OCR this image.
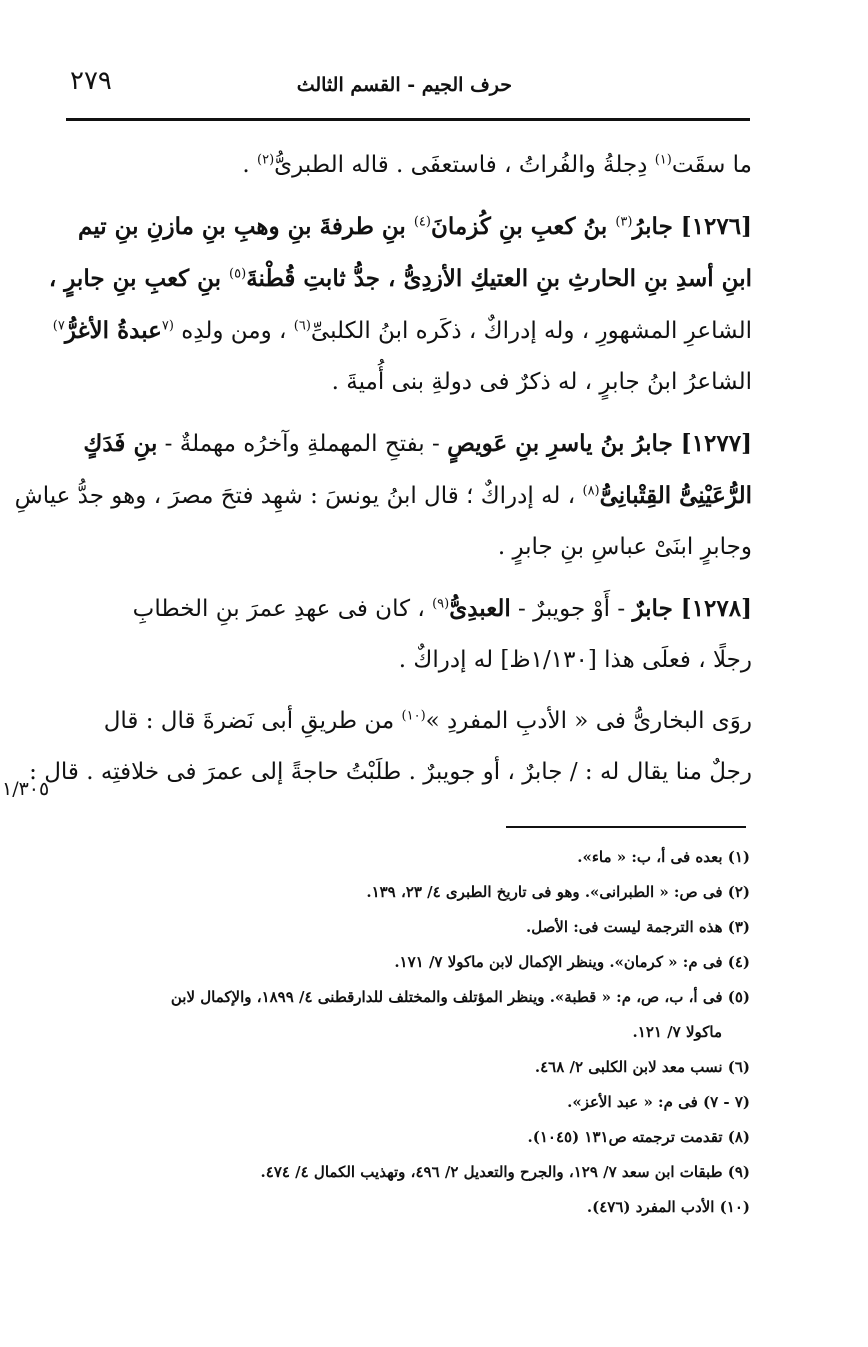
٢٧٩	حرف الجيم - القسم الثالث
ما سقَت$^{(١)}$ دِجلةُ والفُراتُ ، فاستعفَى . قاله الطبرىُّ$^{(٢)}$ .
[١٢٧٦] جابرُ$^{(٣)}$ بنُ كعبِ بنِ كُزمانَ$^{(٤)}$ بنِ طرفةَ بنِ وهبِ بنِ مازنِ بنِ تيم
ابنِ أسدِ بنِ الحارثِ بنِ العتيكِ الأزدِىُّ ، جدُّ ثابتِ قُطْنةَ$^{(٥)}$ بنِ كعبِ بنِ جابرٍ ،
الشاعرِ المشهورِ ، وله إدراكٌ ، ذكَره ابنُ الكلبىِّ$^{(٦)}$ ، ومن ولدِه $^{(٧}$عبدةُ الأغرُّ$^{٧)}$
الشاعرُ ابنُ جابرٍ ، له ذكرٌ فى دولةِ بنى أُميةَ .
[١٢٧٧] جابرُ بنُ ياسرِ بنِ عَويصٍ - بفتحِ المهملةِ وآخرُه مهملةٌ - بنِ فَدَكٍ
الرُّعَيْنِىُّ القِتْبانِىُّ$^{(٨)}$ ، له إدراكٌ ؛ قال ابنُ يونسَ : شهِد فتحَ مصرَ ، وهو جدُّ عياشِ
وجابرٍ ابنَىْ عباسِ بنِ جابرٍ .
[١٢٧٨] جابرٌ - أَوْ جويبرٌ - العبدِىُّ$^{(٩)}$ ، كان فى عهدِ عمرَ بنِ الخطابِ
رجلًا ، فعلَى هذا [١/١٣٠ظ] له إدراكٌ .
روَى البخارىُّ فى « الأدبِ المفردِ »$^{(١٠)}$ من طريقِ أبى نَضرةَ قال : قال
رجلٌ منا يقال له : / جابرٌ ، أو جويبرٌ . طلَبْتُ حاجةً إلى عمرَ فى خلافتِه . قال :
١/٣٠٥
(١) بعده فى أ، ب: « ماء».
(٢) فى ص: « الطبرانى». وهو فى تاريخ الطبرى ٤/ ٢٣، ١٣٩.
(٣) هذه الترجمة ليست فى: الأصل.
(٤) فى م: « كرمان». وينظر الإكمال لابن ماكولا ٧/ ١٧١.
(٥) فى أ، ب، ص، م: « قطبة». وينظر المؤتلف والمختلف للدارقطنى ٤/ ١٨٩٩، والإكمال لابن
ماكولا ٧/ ١٢١.
(٦) نسب معد لابن الكلبى ٢/ ٤٦٨.
(٧ - ٧) فى م: « عبد الأعز».
(٨) تقدمت ترجمته ص١٣١ (١٠٤٥).
(٩) طبقات ابن سعد ٧/ ١٢٩، والجرح والتعديل ٢/ ٤٩٦، وتهذيب الكمال ٤/ ٤٧٤.
(١٠) الأدب المفرد (٤٧٦).
